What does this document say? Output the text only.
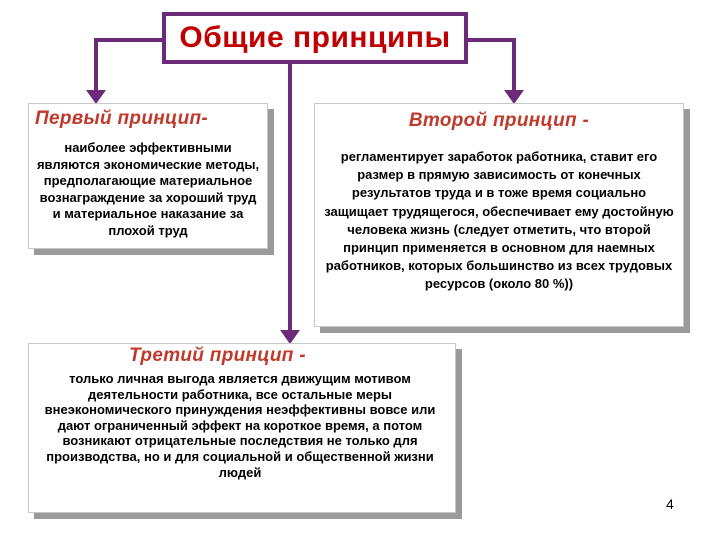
Общие принципы
Первый принцип-
наиболее эффективными являются экономические методы, предполагающие материальное вознаграждение за хороший труд и материальное наказание за плохой труд
Второй принцип -
регламентирует заработок работника, ставит его размер в прямую зависимость от конечных результатов труда и в тоже время социально защищает трудящегося, обеспечивает ему достойную человека жизнь (следует отметить, что второй принцип применяется в основном для наемных работников, которых большинство из всех трудовых ресурсов (около 80 %))
Третий принцип -
только личная выгода является движущим мотивом деятельности работника, все остальные меры внеэкономического принуждения неэффективны вовсе или дают ограниченный эффект на короткое время, а потом возникают отрицательные последствия не только для производства, но и для социальной и общественной жизни людей
4
